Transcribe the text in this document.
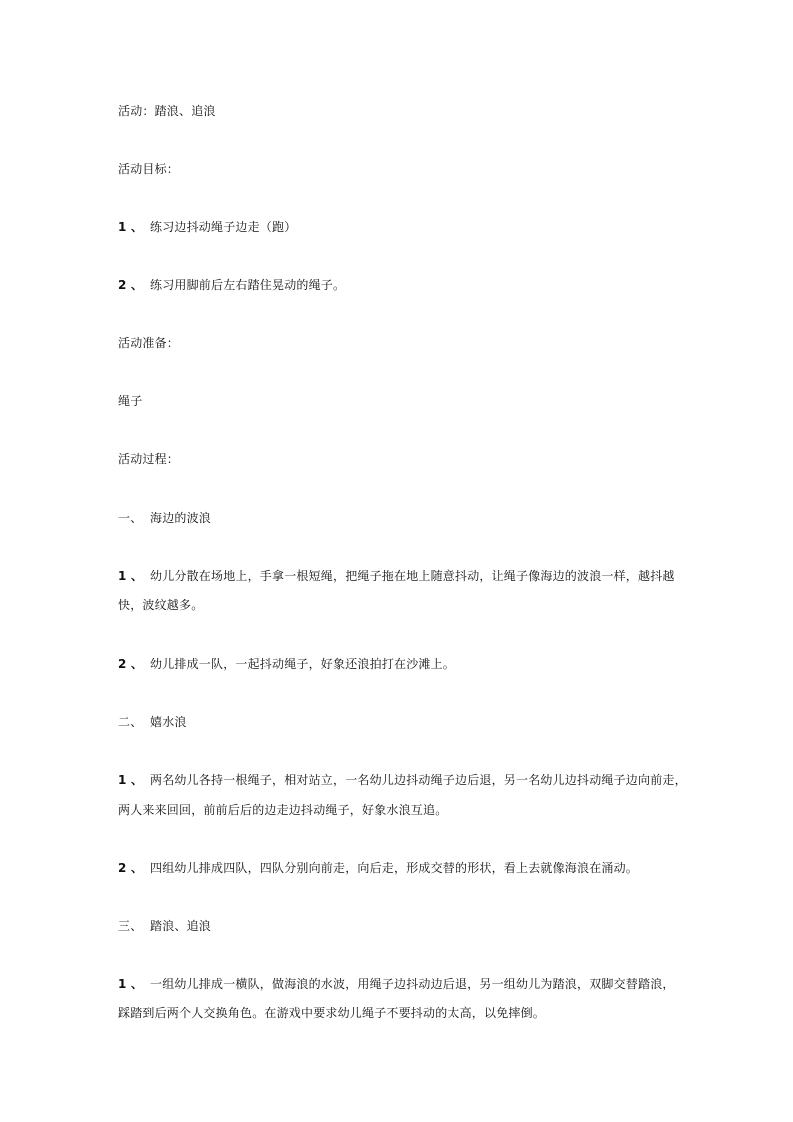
活动：踏浪、追浪
活动目标：
1 、 练习边抖动绳子边走（跑）
2 、 练习用脚前后左右踏住晃动的绳子。
活动准备：
绳子
活动过程：
一、 海边的波浪
1 、 幼儿分散在场地上，手拿一根短绳，把绳子拖在地上随意抖动，让绳子像海边的波浪一样，越抖越
快，波纹越多。
2 、 幼儿排成一队，一起抖动绳子，好象还浪拍打在沙滩上。
二、 嬉水浪
1 、 两名幼儿各持一根绳子，相对站立，一名幼儿边抖动绳子边后退，另一名幼儿边抖动绳子边向前走，
两人来来回回，前前后后的边走边抖动绳子，好象水浪互追。
2 、 四组幼儿排成四队，四队分别向前走，向后走，形成交替的形状，看上去就像海浪在涌动。
三、 踏浪、追浪
1 、 一组幼儿排成一横队，做海浪的水波，用绳子边抖动边后退，另一组幼儿为踏浪，双脚交替踏浪，
踩踏到后两个人交换角色。在游戏中要求幼儿绳子不要抖动的太高，以免摔倒。
